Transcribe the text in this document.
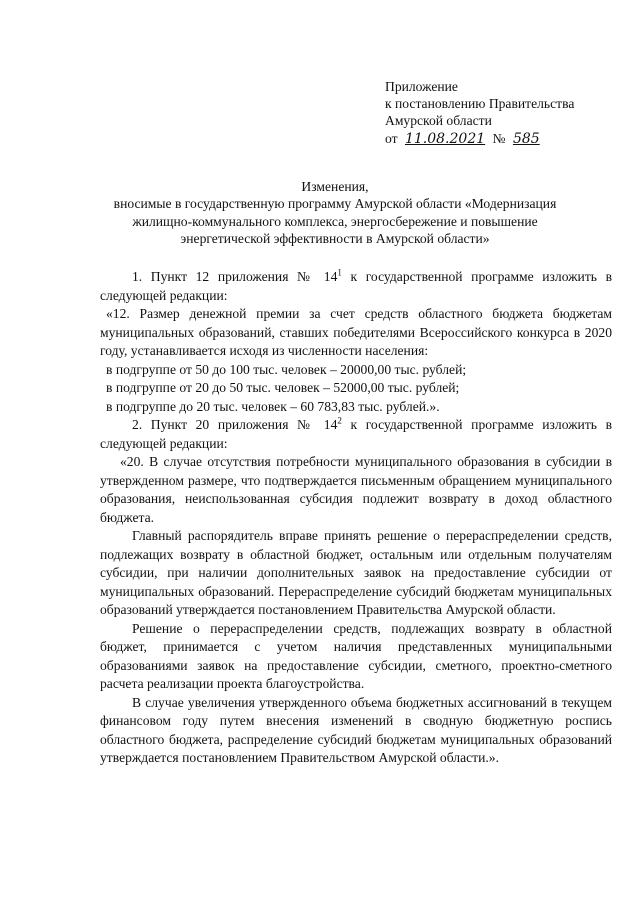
Приложение
к постановлению Правительства
Амурской области
от 11.08.2021 № 585
Изменения,
вносимые в государственную программу Амурской области «Модернизация
жилищно-коммунального комплекса, энергосбережение и повышение
энергетической эффективности в Амурской области»

1. Пункт 12 приложения № $14^1$ к государственной программе изложить в следующей редакции:

«12. Размер денежной премии за счет средств областного бюджета бюджетам муниципальных образований, ставших победителями Всероссийского конкурса в 2020 году, устанавливается исходя из численности населения:

в подгруппе от 50 до 100 тыс. человек – 20000,00 тыс. рублей;

в подгруппе от 20 до 50 тыс. человек – 52000,00 тыс. рублей;

в подгруппе до 20 тыс. человек – 60 783,83 тыс. рублей.».

2. Пункт 20 приложения № $14^2$ к государственной программе изложить в следующей редакции:

«20. В случае отсутствия потребности муниципального образования в субсидии в утвержденном размере, что подтверждается письменным обращением муниципального образования, неиспользованная субсидия подлежит возврату в доход областного бюджета.

Главный распорядитель вправе принять решение о перераспределении средств, подлежащих возврату в областной бюджет, остальным или отдельным получателям субсидии, при наличии дополнительных заявок на предоставление субсидии от муниципальных образований. Перераспределение субсидий бюджетам муниципальных образований утверждается постановлением Правительства Амурской области.

Решение о перераспределении средств, подлежащих возврату в областной бюджет, принимается с учетом наличия представленных муниципальными образованиями заявок на предоставление субсидии, сметного, проектно-сметного расчета реализации проекта благоустройства.

В случае увеличения утвержденного объема бюджетных ассигнований в текущем финансовом году путем внесения изменений в сводную бюджетную роспись областного бюджета, распределение субсидий бюджетам муниципальных образований утверждается постановлением Правительством Амурской области.».
